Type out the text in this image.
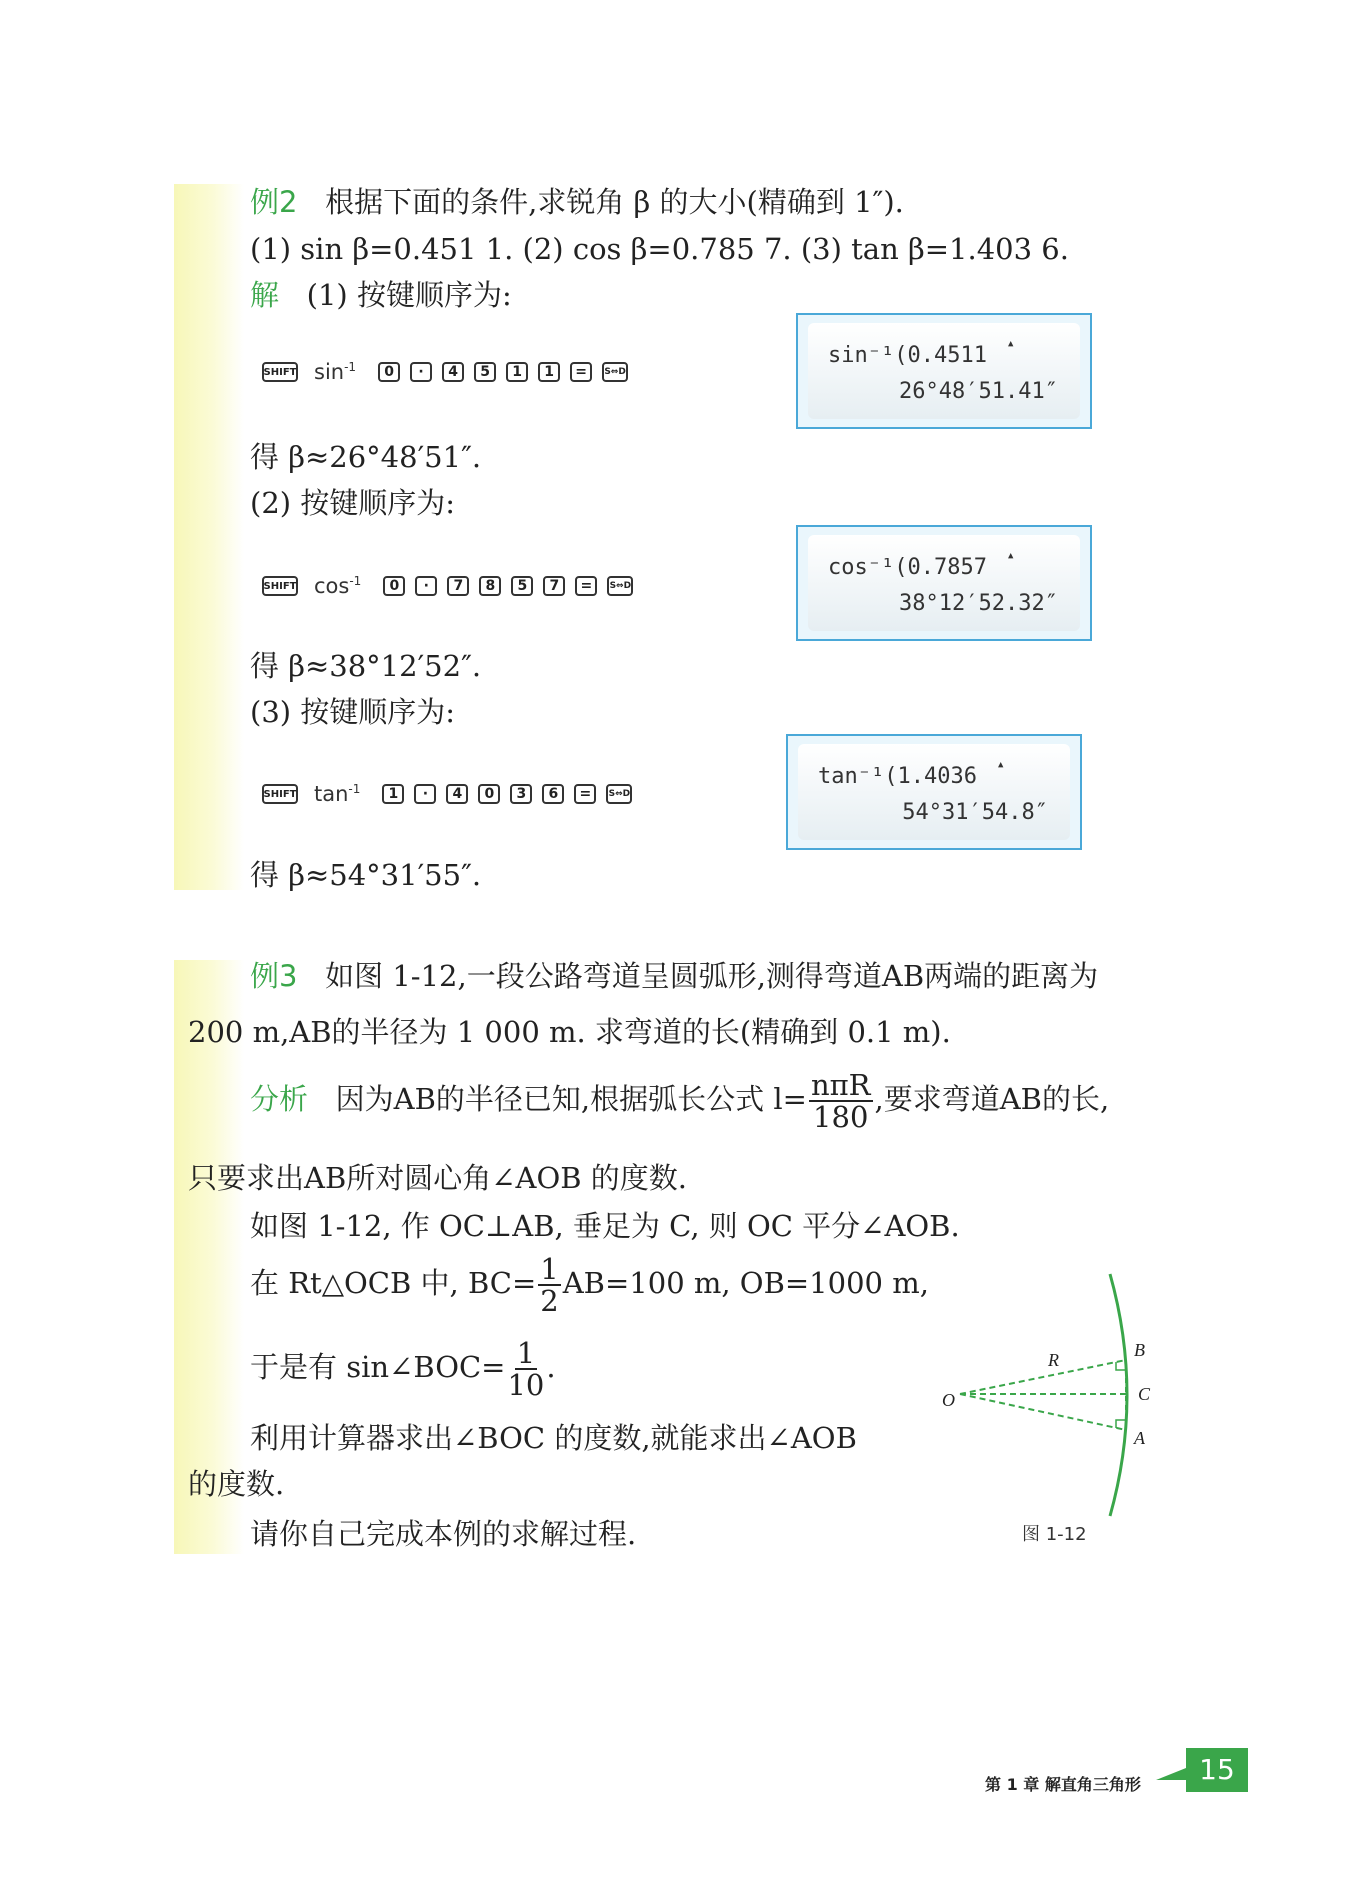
例2 根据下面的条件,求锐角 β 的大小(精确到 1″).
(1) sin β=0.451 1. (2) cos β=0.785 7. (3) tan β=1.403 6.
解 (1) 按键顺序为:
SHIFT $\sin^{-1}$	0	·	4	5	1	1	=	S⇔D
sin⁻¹(0.4511 ▲
26°48′51.41″
得 β≈26°48′51″.
(2) 按键顺序为:
SHIFT $\cos^{-1}$	0	·	7	8	5	7	=	S⇔D
cos⁻¹(0.7857 ▲
38°12′52.32″
得 β≈38°12′52″.
(3) 按键顺序为:
SHIFT $\tan^{-1}$	1	·	4	0	3	6	=	S⇔D
tan⁻¹(1.4036 ▲
54°31′54.8″
得 β≈54°31′55″.
例3 如图 1-12,一段公路弯道呈圆弧形,测得弯道AB两端的距离为
200 m,AB的半径为 1 000 m. 求弯道的长(精确到 0.1 m).
分析 因为AB的半径已知,根据弧长公式 $l= \frac{\text{nπR}}{180}$ ,要求弯道AB的长,
只要求出AB所对圆心角∠AOB 的度数.
如图 1-12, 作 OC⊥AB, 垂足为 C, 则 OC 平分∠AOB.
在 Rt△OCB 中, $BC= \frac{1}{2} AB=100$ m, OB=1000 m,
于是有 sin∠BOC= $\frac{1}{10}$ .
利用计算器求出∠BOC 的度数,就能求出∠AOB
的度数.
请你自己完成本例的求解过程.
R	B
C
O
A
图 1-12
第 1 章 解直角三角形	15
